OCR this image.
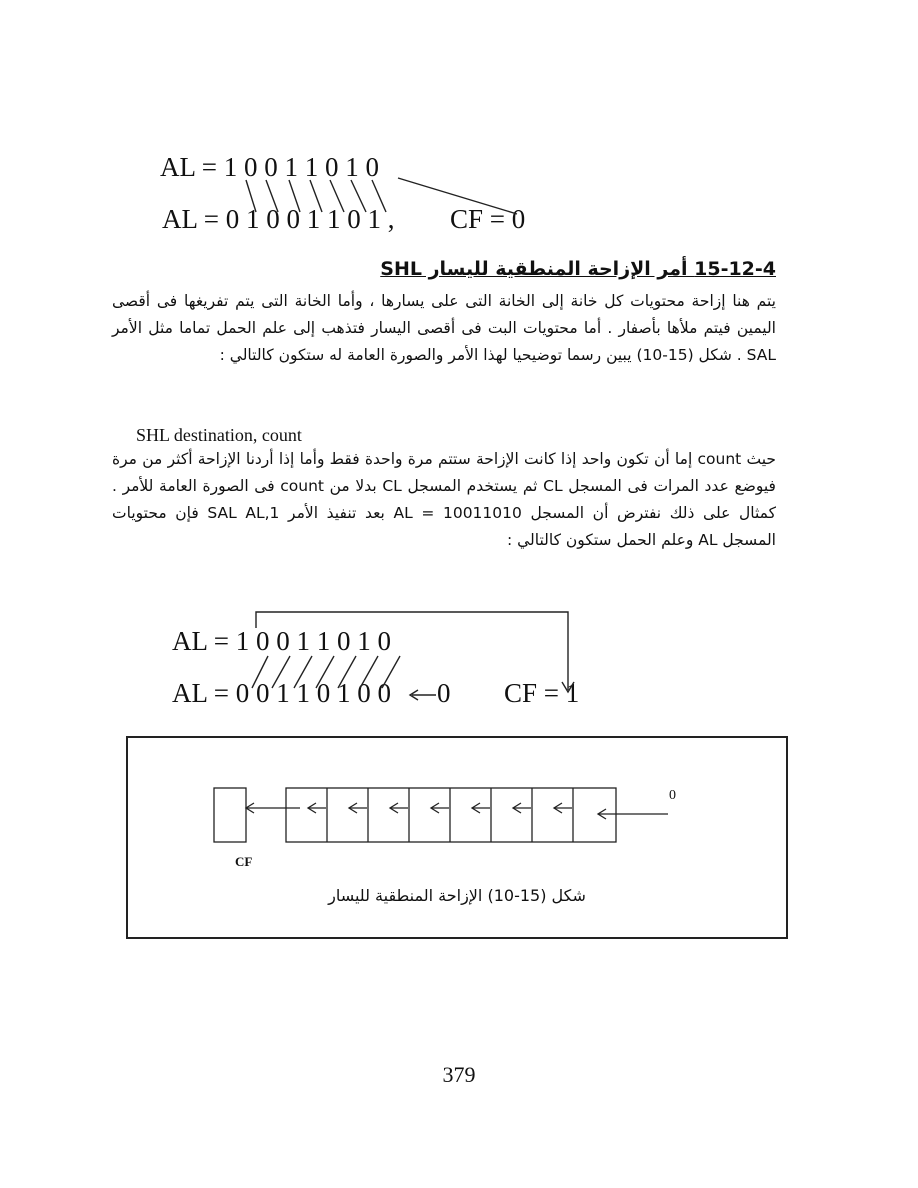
AL = 1 0 0 1 1 0 1 0
AL = 0 1 0 0 1 1 0 1 , CF = 0
15-12-4 أمر الإزاحة المنطقية لليسار SHL
يتم هنا إزاحة محتويات كل خانة إلى الخانة التى على يسارها ، وأما الخانة التى يتم تفريغها فى أقصى اليمين فيتم ملأها بأصفار . أما محتويات البت فى أقصى اليسار فتذهب إلى علم الحمل تماما مثل الأمر SAL . شكل (15-10) يبين رسما توضيحيا لهذا الأمر والصورة العامة له ستكون كالتالي :
SHL destination, count
حيث count إما أن تكون واحد إذا كانت الإزاحة ستتم مرة واحدة فقط وأما إذا أردنا الإزاحة أكثر من مرة فيوضع عدد المرات فى المسجل CL ثم يستخدم المسجل CL بدلا من count فى الصورة العامة للأمر . كمثال على ذلك نفترض أن المسجل AL = 10011010 بعد تنفيذ الأمر SAL AL,1 فإن محتويات المسجل AL وعلم الحمل ستكون كالتالي :
AL = 1 0 0 1 1 0 1 0
AL = 0 0 1 1 0 1 0 0 0 CF = 1
CF
0
شكل (15-10) الإزاحة المنطقية لليسار
379
